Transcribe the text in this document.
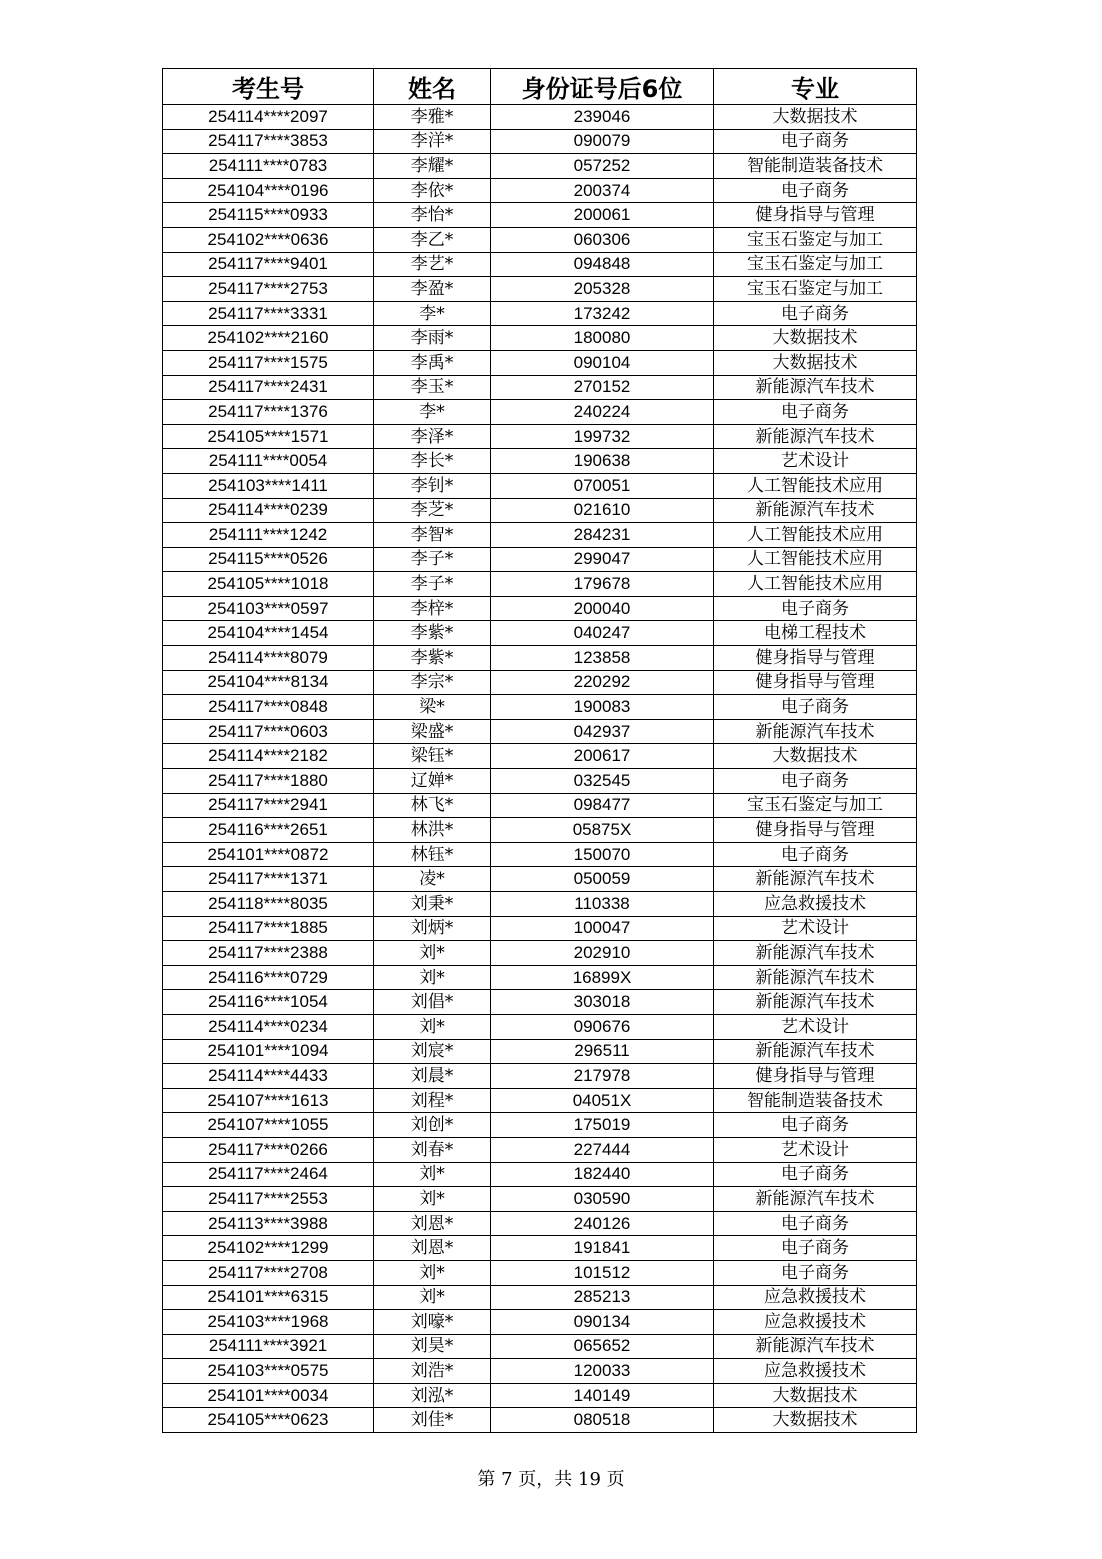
考生号	姓名	身份证号后6位	专业
254114****2097	李雅*	239046	大数据技术
254117****3853	李洋*	090079	电子商务
254111****0783	李耀*	057252	智能制造装备技术
254104****0196	李依*	200374	电子商务
254115****0933	李怡*	200061	健身指导与管理
254102****0636	李乙*	060306	宝玉石鉴定与加工
254117****9401	李艺*	094848	宝玉石鉴定与加工
254117****2753	李盈*	205328	宝玉石鉴定与加工
254117****3331	李*	173242	电子商务
254102****2160	李雨*	180080	大数据技术
254117****1575	李禹*	090104	大数据技术
254117****2431	李玉*	270152	新能源汽车技术
254117****1376	李*	240224	电子商务
254105****1571	李泽*	199732	新能源汽车技术
254111****0054	李长*	190638	艺术设计
254103****1411	李钊*	070051	人工智能技术应用
254114****0239	李芝*	021610	新能源汽车技术
254111****1242	李智*	284231	人工智能技术应用
254115****0526	李子*	299047	人工智能技术应用
254105****1018	李子*	179678	人工智能技术应用
254103****0597	李梓*	200040	电子商务
254104****1454	李紫*	040247	电梯工程技术
254114****8079	李紫*	123858	健身指导与管理
254104****8134	李宗*	220292	健身指导与管理
254117****0848	梁*	190083	电子商务
254117****0603	梁盛*	042937	新能源汽车技术
254114****2182	梁钰*	200617	大数据技术
254117****1880	辽婵*	032545	电子商务
254117****2941	林飞*	098477	宝玉石鉴定与加工
254116****2651	林洪*	05875X	健身指导与管理
254101****0872	林钰*	150070	电子商务
254117****1371	凌*	050059	新能源汽车技术
254118****8035	刘秉*	110338	应急救援技术
254117****1885	刘炳*	100047	艺术设计
254117****2388	刘*	202910	新能源汽车技术
254116****0729	刘*	16899X	新能源汽车技术
254116****1054	刘倡*	303018	新能源汽车技术
254114****0234	刘*	090676	艺术设计
254101****1094	刘宸*	296511	新能源汽车技术
254114****4433	刘晨*	217978	健身指导与管理
254107****1613	刘程*	04051X	智能制造装备技术
254107****1055	刘创*	175019	电子商务
254117****0266	刘春*	227444	艺术设计
254117****2464	刘*	182440	电子商务
254117****2553	刘*	030590	新能源汽车技术
254113****3988	刘恩*	240126	电子商务
254102****1299	刘恩*	191841	电子商务
254117****2708	刘*	101512	电子商务
254101****6315	刘*	285213	应急救援技术
254103****1968	刘嚎*	090134	应急救援技术
254111****3921	刘昊*	065652	新能源汽车技术
254103****0575	刘浩*	120033	应急救援技术
254101****0034	刘泓*	140149	大数据技术
254105****0623	刘佳*	080518	大数据技术
第 7 页，共 19 页
